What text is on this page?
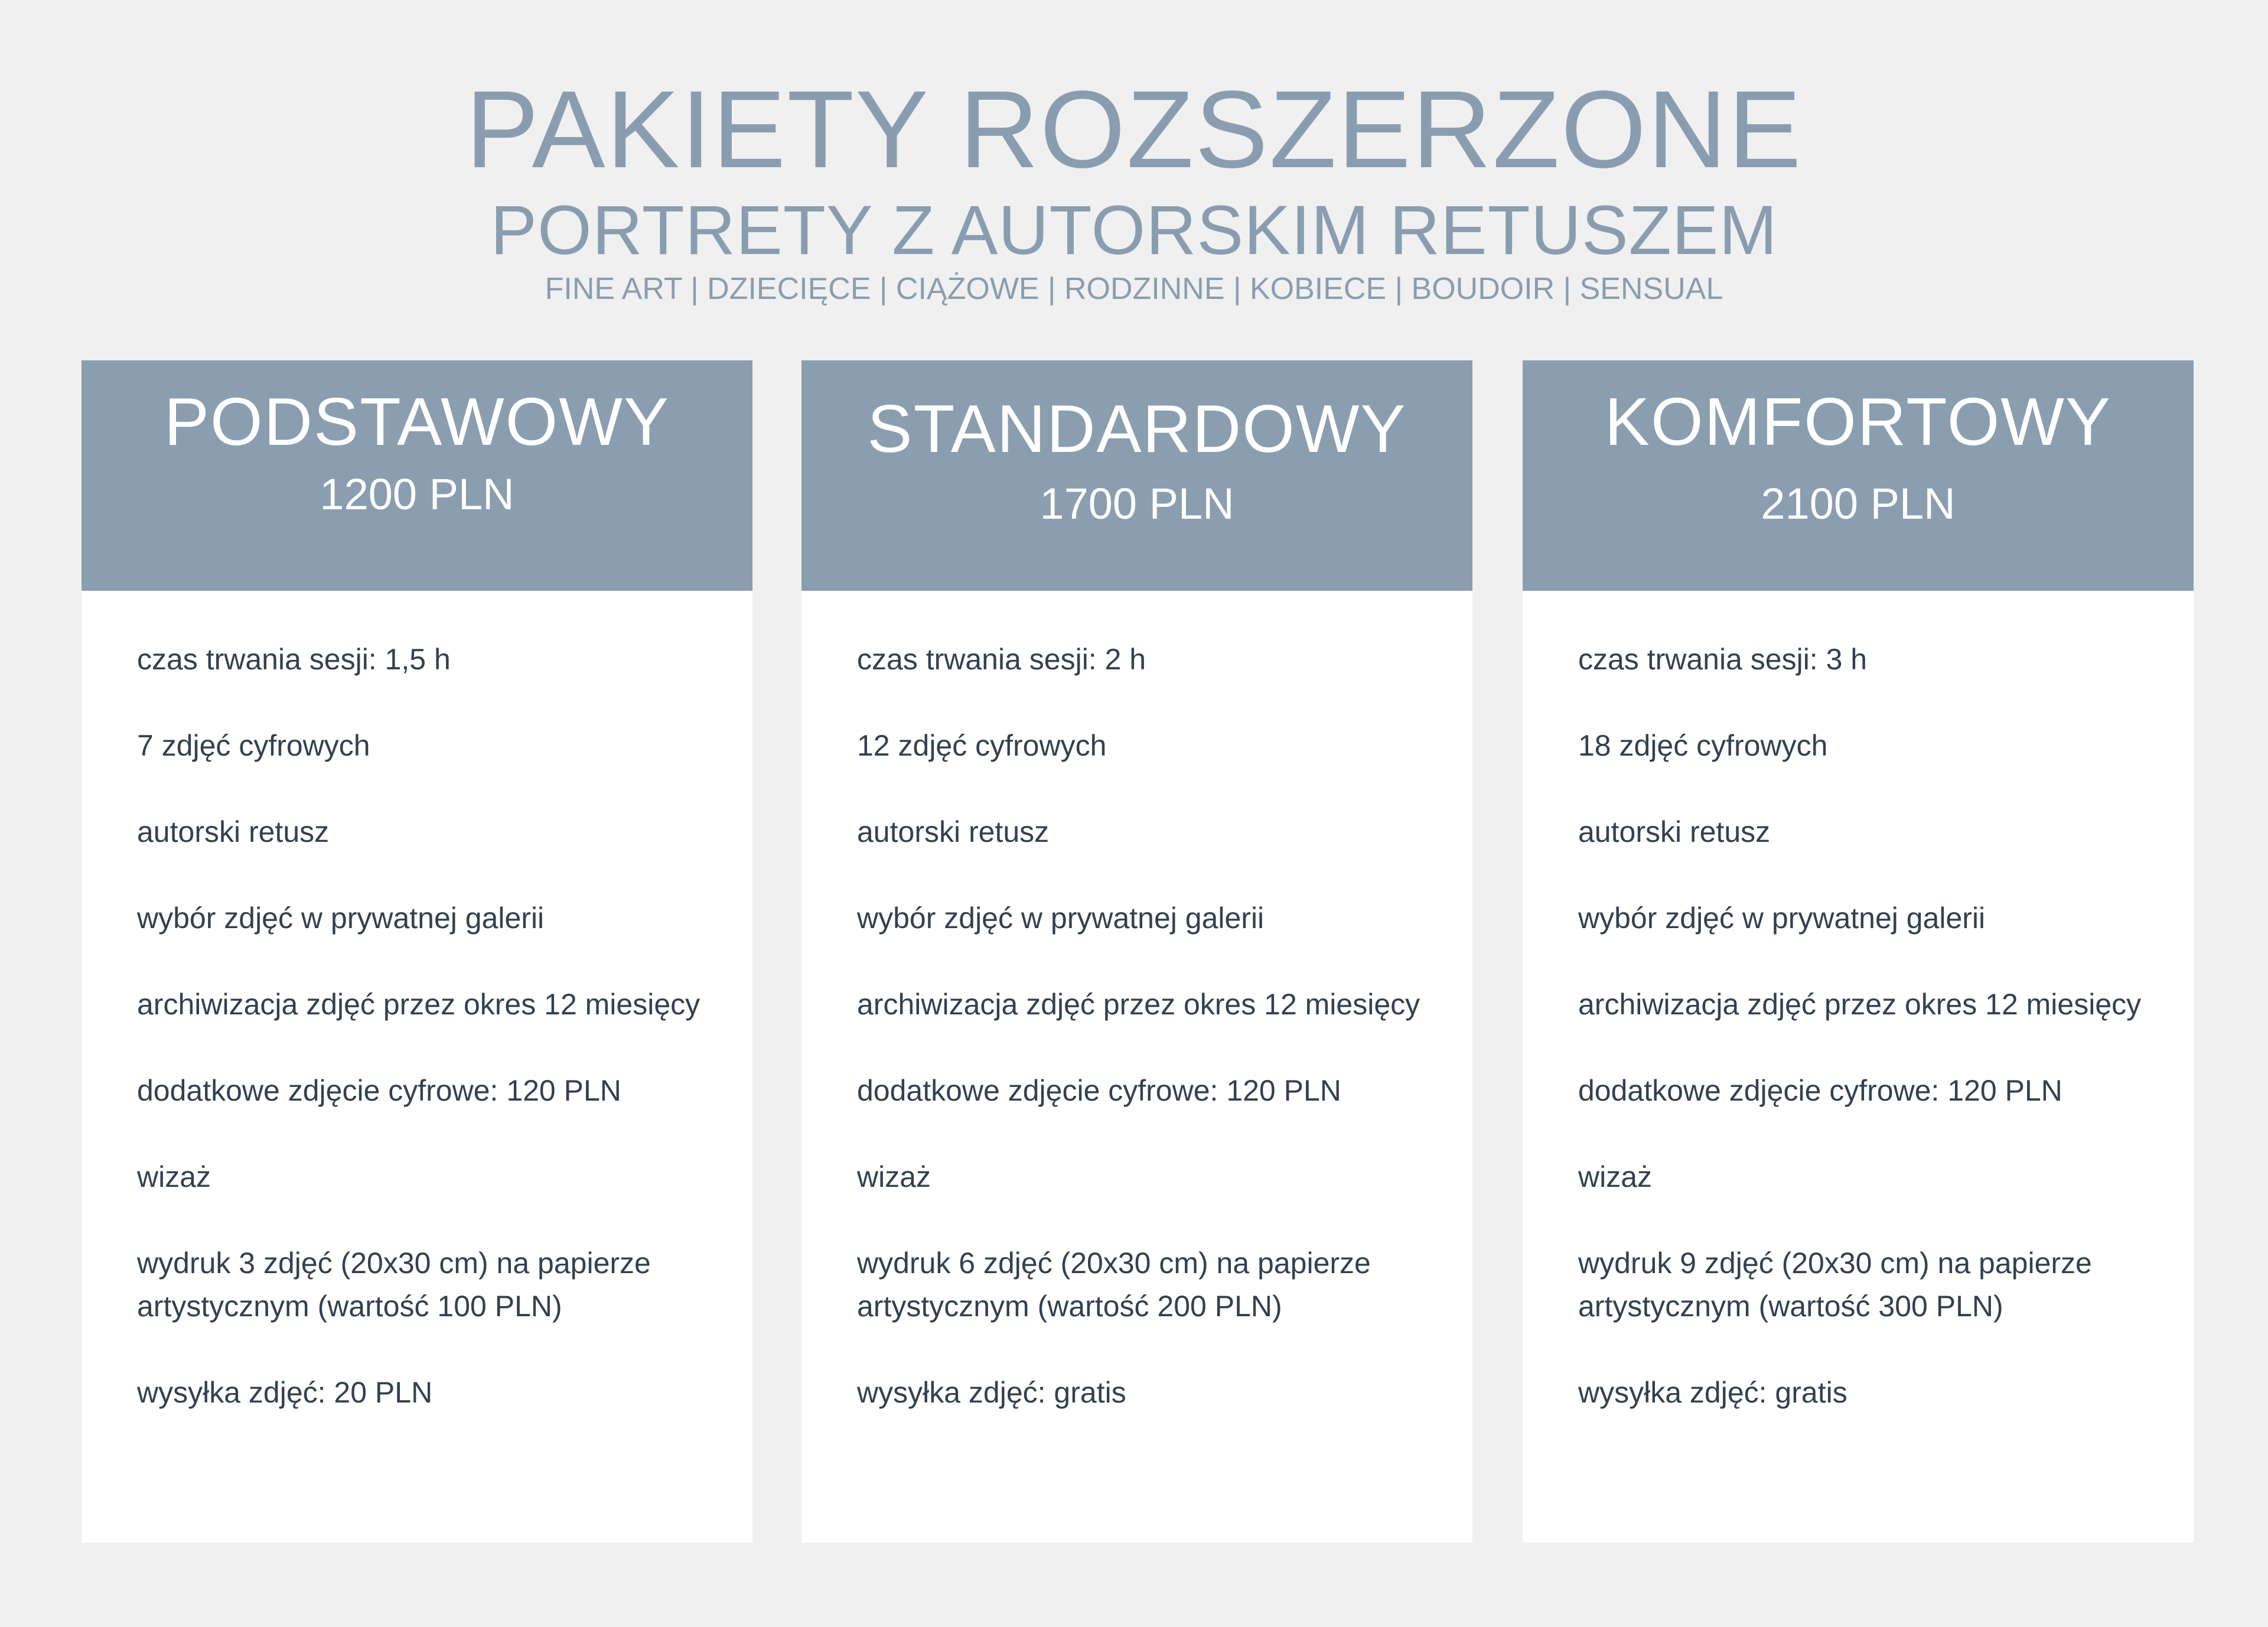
PAKIETY ROZSZERZONE
PORTRETY Z AUTORSKIM RETUSZEM
FINE ART | DZIECIĘCE | CIĄŻOWE | RODZINNE | KOBIECE | BOUDOIR | SENSUAL
PODSTAWOWY
1200 PLN
czas trwania sesji: 1,5 h
7 zdjęć cyfrowych
autorski retusz
wybór zdjęć w prywatnej galerii
archiwizacja zdjęć przez okres 12 miesięcy
dodatkowe zdjęcie cyfrowe: 120 PLN
wizaż
wydruk 3 zdjęć (20x30 cm) na papierze artystycznym (wartość 100 PLN)
wysyłka zdjęć: 20 PLN
STANDARDOWY
1700 PLN
czas trwania sesji: 2 h
12 zdjęć cyfrowych
autorski retusz
wybór zdjęć w prywatnej galerii
archiwizacja zdjęć przez okres 12 miesięcy
dodatkowe zdjęcie cyfrowe: 120 PLN
wizaż
wydruk 6 zdjęć (20x30 cm) na papierze artystycznym (wartość 200 PLN)
wysyłka zdjęć: gratis
KOMFORTOWY
2100 PLN
czas trwania sesji: 3 h
18 zdjęć cyfrowych
autorski retusz
wybór zdjęć w prywatnej galerii
archiwizacja zdjęć przez okres 12 miesięcy
dodatkowe zdjęcie cyfrowe: 120 PLN
wizaż
wydruk 9 zdjęć (20x30 cm) na papierze artystycznym (wartość 300 PLN)
wysyłka zdjęć: gratis
